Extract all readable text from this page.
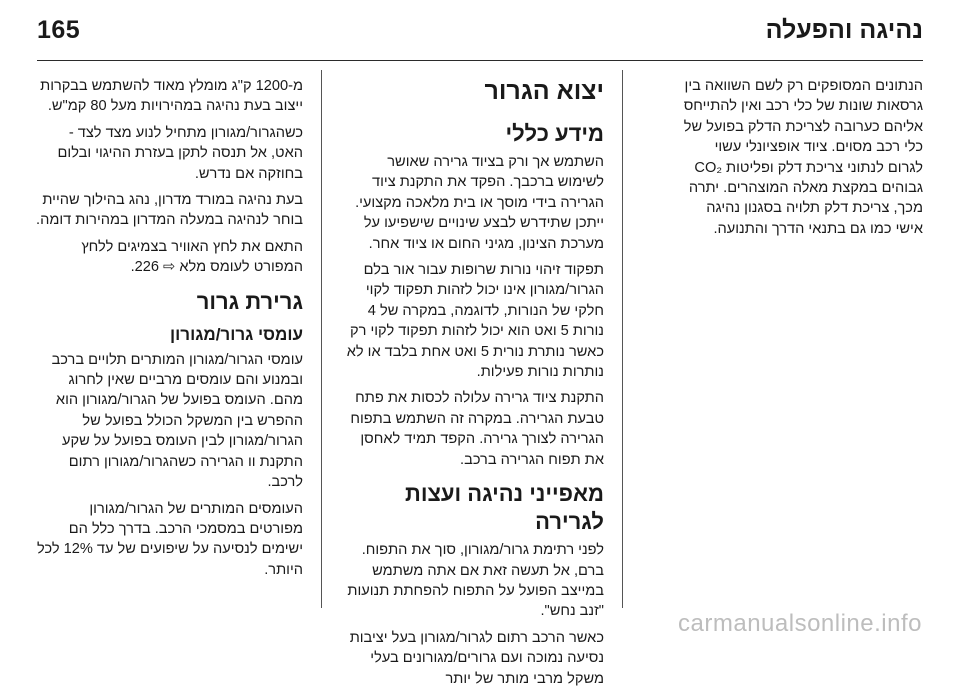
165	נהיגה והפעלה

הנתונים המסופקים רק לשם השוואה בין גרסאות שונות של כלי רכב ואין להתייחס אליהם כערובה לצריכת הדלק בפועל של כלי רכב מסוים. ציוד אופציונלי עשוי לגרום לנתוני צריכת דלק ופליטות CO₂ גבוהים במקצת מאלה המוצהרים. יתרה מכך, צריכת דלק תלויה בסגנון נהיגה אישי כמו גם בתנאי הדרך והתנועה.

יצוא הגרור
מידע כללי

השתמש אך ורק בציוד גרירה שאושר לשימוש ברכבך. הפקד את התקנת ציוד הגרירה בידי מוסך או בית מלאכה מקצועי. ייתכן שתידרש לבצע שינויים שישפיעו על מערכת הצינון, מגיני החום או ציוד אחר.

תפקוד זיהוי נורות שרופות עבור אור בלם הגרור/מגורון אינו יכול לזהות תפקוד לקוי חלקי של הנורות, לדוגמה, במקרה של 4 נורות 5 ואט הוא יכול לזהות תפקוד לקוי רק כאשר נותרת נורית 5 ואט אחת בלבד או לא נותרות נורות פעילות.

התקנת ציוד גרירה עלולה לכסות את פתח טבעת הגרירה. במקרה זה השתמש בתפוח הגרירה לצורך גרירה. הקפד תמיד לאחסן את תפוח הגרירה ברכב.

מאפייני נהיגה ועצות לגרירה

לפני רתימת גרור/מגורון, סוך את התפוח. ברם, אל תעשה זאת אם אתה משתמש במייצב הפועל על התפוח להפחתת תנועות "זנב נחש".

כאשר הרכב רתום לגרור/מגורון בעל יציבות נסיעה נמוכה ועם גרורים/מגורונים בעלי משקל מרבי מותר של יותר

מ-1200 ק"ג מומלץ מאוד להשתמש בבקרות ייצוב בעת נהיגה במהירויות מעל 80 קמ"ש.

כשהגרור/מגורון מתחיל לנוע מצד לצד - האט, אל תנסה לתקן בעזרת ההיגוי ובלום בחוזקה אם נדרש.

בעת נהיגה במורד מדרון, נהג בהילוך שהיית בוחר לנהיגה במעלה המדרון במהירות דומה.

התאם את לחץ האוויר בצמיגים ללחץ המפורט לעומס מלא ⇨ 226.

גרירת גרור
עומסי גרור/מגורון

עומסי הגרור/מגורון המותרים תלויים ברכב ובמנוע והם עומסים מרביים שאין לחרוג מהם. העומס בפועל של הגרור/מגורון הוא ההפרש בין המשקל הכולל בפועל של הגרור/מגורון לבין העומס בפועל על שקע התקנת וו הגרירה כשהגרור/מגורון רתום לרכב.

העומסים המותרים של הגרור/מגורון מפורטים במסמכי הרכב. בדרך כלל הם ישימים לנסיעה על שיפועים של עד 12% לכל היותר.

carmanualsonline.info
